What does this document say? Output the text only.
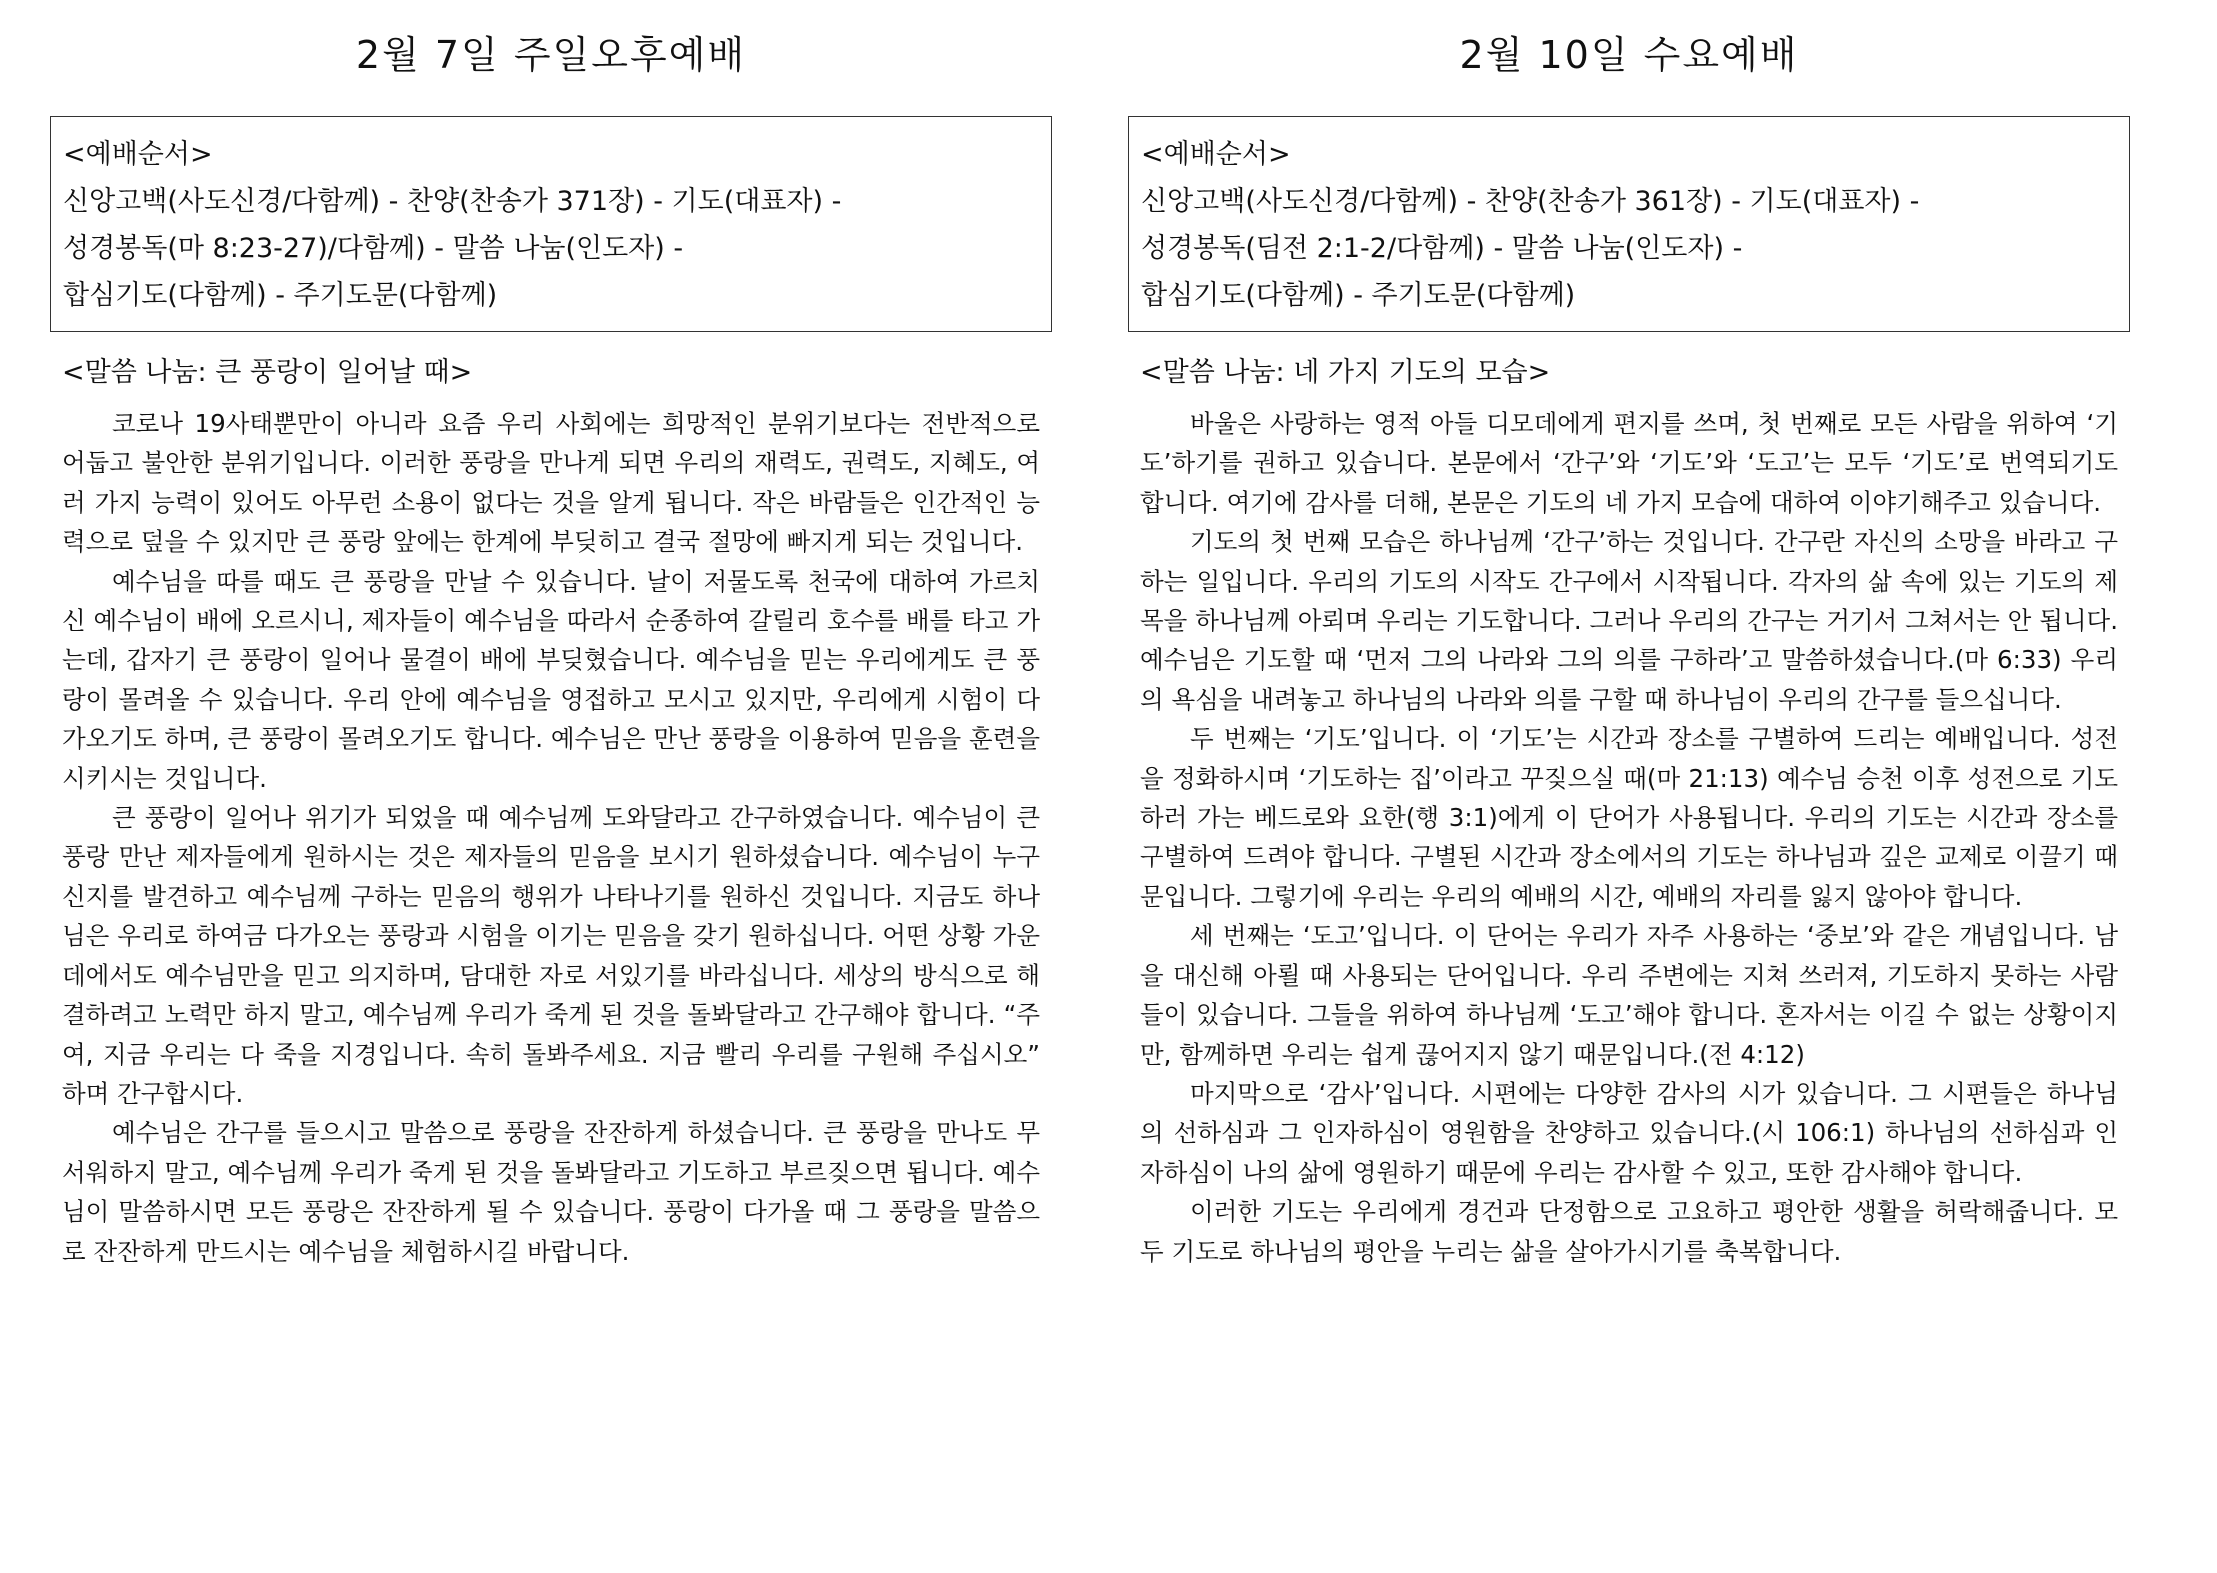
2월 7일 주일오후예배
<예배순서>
신앙고백(사도신경/다함께) - 찬양(찬송가 371장) - 기도(대표자) -
성경봉독(마 8:23-27)/다함께) - 말씀 나눔(인도자) -
합심기도(다함께) - 주기도문(다함께)
<말씀 나눔: 큰 풍랑이 일어날 때>

코로나 19사태뿐만이 아니라 요즘 우리 사회에는 희망적인 분위기보다는 전반적으로 어둡고 불안한 분위기입니다. 이러한 풍랑을 만나게 되면 우리의 재력도, 권력도, 지혜도, 여러 가지 능력이 있어도 아무런 소용이 없다는 것을 알게 됩니다. 작은 바람들은 인간적인 능력으로 덮을 수 있지만 큰 풍랑 앞에는 한계에 부딪히고 결국 절망에 빠지게 되는 것입니다.

예수님을 따를 때도 큰 풍랑을 만날 수 있습니다. 날이 저물도록 천국에 대하여 가르치신 예수님이 배에 오르시니, 제자들이 예수님을 따라서 순종하여 갈릴리 호수를 배를 타고 가는데, 갑자기 큰 풍랑이 일어나 물결이 배에 부딪혔습니다. 예수님을 믿는 우리에게도 큰 풍랑이 몰려올 수 있습니다. 우리 안에 예수님을 영접하고 모시고 있지만, 우리에게 시험이 다가오기도 하며, 큰 풍랑이 몰려오기도 합니다. 예수님은 만난 풍랑을 이용하여 믿음을 훈련을 시키시는 것입니다.

큰 풍랑이 일어나 위기가 되었을 때 예수님께 도와달라고 간구하였습니다. 예수님이 큰 풍랑 만난 제자들에게 원하시는 것은 제자들의 믿음을 보시기 원하셨습니다. 예수님이 누구신지를 발견하고 예수님께 구하는 믿음의 행위가 나타나기를 원하신 것입니다. 지금도 하나님은 우리로 하여금 다가오는 풍랑과 시험을 이기는 믿음을 갖기 원하십니다. 어떤 상황 가운데에서도 예수님만을 믿고 의지하며, 담대한 자로 서있기를 바라십니다. 세상의 방식으로 해결하려고 노력만 하지 말고, 예수님께 우리가 죽게 된 것을 돌봐달라고 간구해야 합니다. “주여, 지금 우리는 다 죽을 지경입니다. 속히 돌봐주세요. 지금 빨리 우리를 구원해 주십시오” 하며 간구합시다.

예수님은 간구를 들으시고 말씀으로 풍랑을 잔잔하게 하셨습니다. 큰 풍랑을 만나도 무서워하지 말고, 예수님께 우리가 죽게 된 것을 돌봐달라고 기도하고 부르짖으면 됩니다. 예수님이 말씀하시면 모든 풍랑은 잔잔하게 될 수 있습니다. 풍랑이 다가올 때 그 풍랑을 말씀으로 잔잔하게 만드시는 예수님을 체험하시길 바랍니다.

2월 10일 수요예배
<예배순서>
신앙고백(사도신경/다함께) - 찬양(찬송가 361장) - 기도(대표자) -
성경봉독(딤전 2:1-2/다함께) - 말씀 나눔(인도자) -
합심기도(다함께) - 주기도문(다함께)
<말씀 나눔: 네 가지 기도의 모습>

바울은 사랑하는 영적 아들 디모데에게 편지를 쓰며, 첫 번째로 모든 사람을 위하여 ‘기도’하기를 권하고 있습니다. 본문에서 ‘간구’와 ‘기도’와 ‘도고’는 모두 ‘기도’로 번역되기도 합니다. 여기에 감사를 더해, 본문은 기도의 네 가지 모습에 대하여 이야기해주고 있습니다.

기도의 첫 번째 모습은 하나님께 ‘간구’하는 것입니다. 간구란 자신의 소망을 바라고 구하는 일입니다. 우리의 기도의 시작도 간구에서 시작됩니다. 각자의 삶 속에 있는 기도의 제목을 하나님께 아뢰며 우리는 기도합니다. 그러나 우리의 간구는 거기서 그쳐서는 안 됩니다. 예수님은 기도할 때 ‘먼저 그의 나라와 그의 의를 구하라’고 말씀하셨습니다.(마 6:33) 우리의 욕심을 내려놓고 하나님의 나라와 의를 구할 때 하나님이 우리의 간구를 들으십니다.

두 번째는 ‘기도’입니다. 이 ‘기도’는 시간과 장소를 구별하여 드리는 예배입니다. 성전을 정화하시며 ‘기도하는 집’이라고 꾸짖으실 때(마 21:13) 예수님 승천 이후 성전으로 기도하러 가는 베드로와 요한(행 3:1)에게 이 단어가 사용됩니다. 우리의 기도는 시간과 장소를 구별하여 드려야 합니다. 구별된 시간과 장소에서의 기도는 하나님과 깊은 교제로 이끌기 때문입니다. 그렇기에 우리는 우리의 예배의 시간, 예배의 자리를 잃지 않아야 합니다.

세 번째는 ‘도고’입니다. 이 단어는 우리가 자주 사용하는 ‘중보’와 같은 개념입니다. 남을 대신해 아뢸 때 사용되는 단어입니다. 우리 주변에는 지쳐 쓰러져, 기도하지 못하는 사람들이 있습니다. 그들을 위하여 하나님께 ‘도고’해야 합니다. 혼자서는 이길 수 없는 상황이지만, 함께하면 우리는 쉽게 끊어지지 않기 때문입니다.(전 4:12)

마지막으로 ‘감사’입니다. 시편에는 다양한 감사의 시가 있습니다. 그 시편들은 하나님의 선하심과 그 인자하심이 영원함을 찬양하고 있습니다.(시 106:1) 하나님의 선하심과 인자하심이 나의 삶에 영원하기 때문에 우리는 감사할 수 있고, 또한 감사해야 합니다.

이러한 기도는 우리에게 경건과 단정함으로 고요하고 평안한 생활을 허락해줍니다. 모두 기도로 하나님의 평안을 누리는 삶을 살아가시기를 축복합니다.
